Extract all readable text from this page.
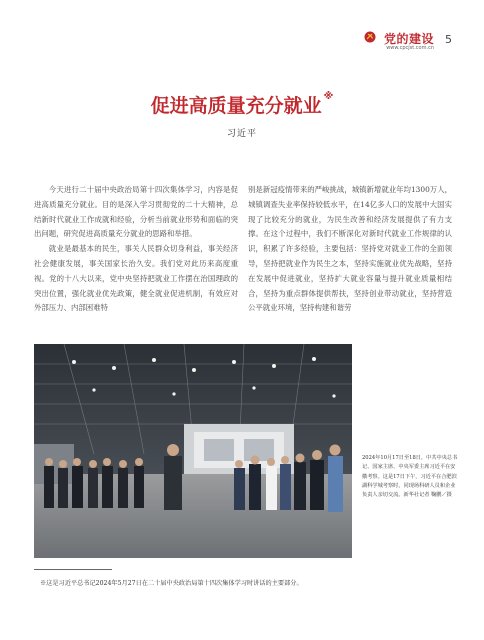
党的建设
www.cpcjst.com.cn
5
促进高质量充分就业 ※
习近平

今天进行二十届中央政治局第十四次集体学习，内容是促进高质量充分就业。目的是深入学习贯彻党的二十大精神，总结新时代就业工作成就和经验，分析当前就业形势和面临的突出问题，研究促进高质量充分就业的思路和举措。

就业是最基本的民生，事关人民群众切身利益，事关经济社会健康发展，事关国家长治久安。我们党对此历来高度重视。党的十八大以来，党中央坚持把就业工作摆在治国理政的突出位置，强化就业优先政策，健全就业促进机制，有效应对外部压力、内部困难特

别是新冠疫情带来的严峻挑战，城镇新增就业年均1300万人，城镇调查失业率保持较低水平，在14亿多人口的发展中大国实现了比较充分的就业，为民生改善和经济发展提供了有力支撑。在这个过程中，我们不断深化对新时代就业工作规律的认识，积累了许多经验，主要包括：坚持党对就业工作的全面领导，坚持把就业作为民生之本，坚持实施就业优先战略，坚持在发展中促进就业，坚持扩大就业容量与提升就业质量相结合，坚持为重点群体提供帮扶，坚持创业带动就业，坚持营造公平就业环境，坚持构建和谐劳

2024年10月17日至18日，中共中央总书记、国家主席、中央军委主席习近平在安徽考察。这是17日下午，习近平在合肥滨湖科学城考察时，同现场科研人员和企业负责人亲切交流。新华社记者 鞠鹏／摄
※这是习近平总书记2024年5月27日在二十届中央政治局第十四次集体学习时讲话的主要部分。
